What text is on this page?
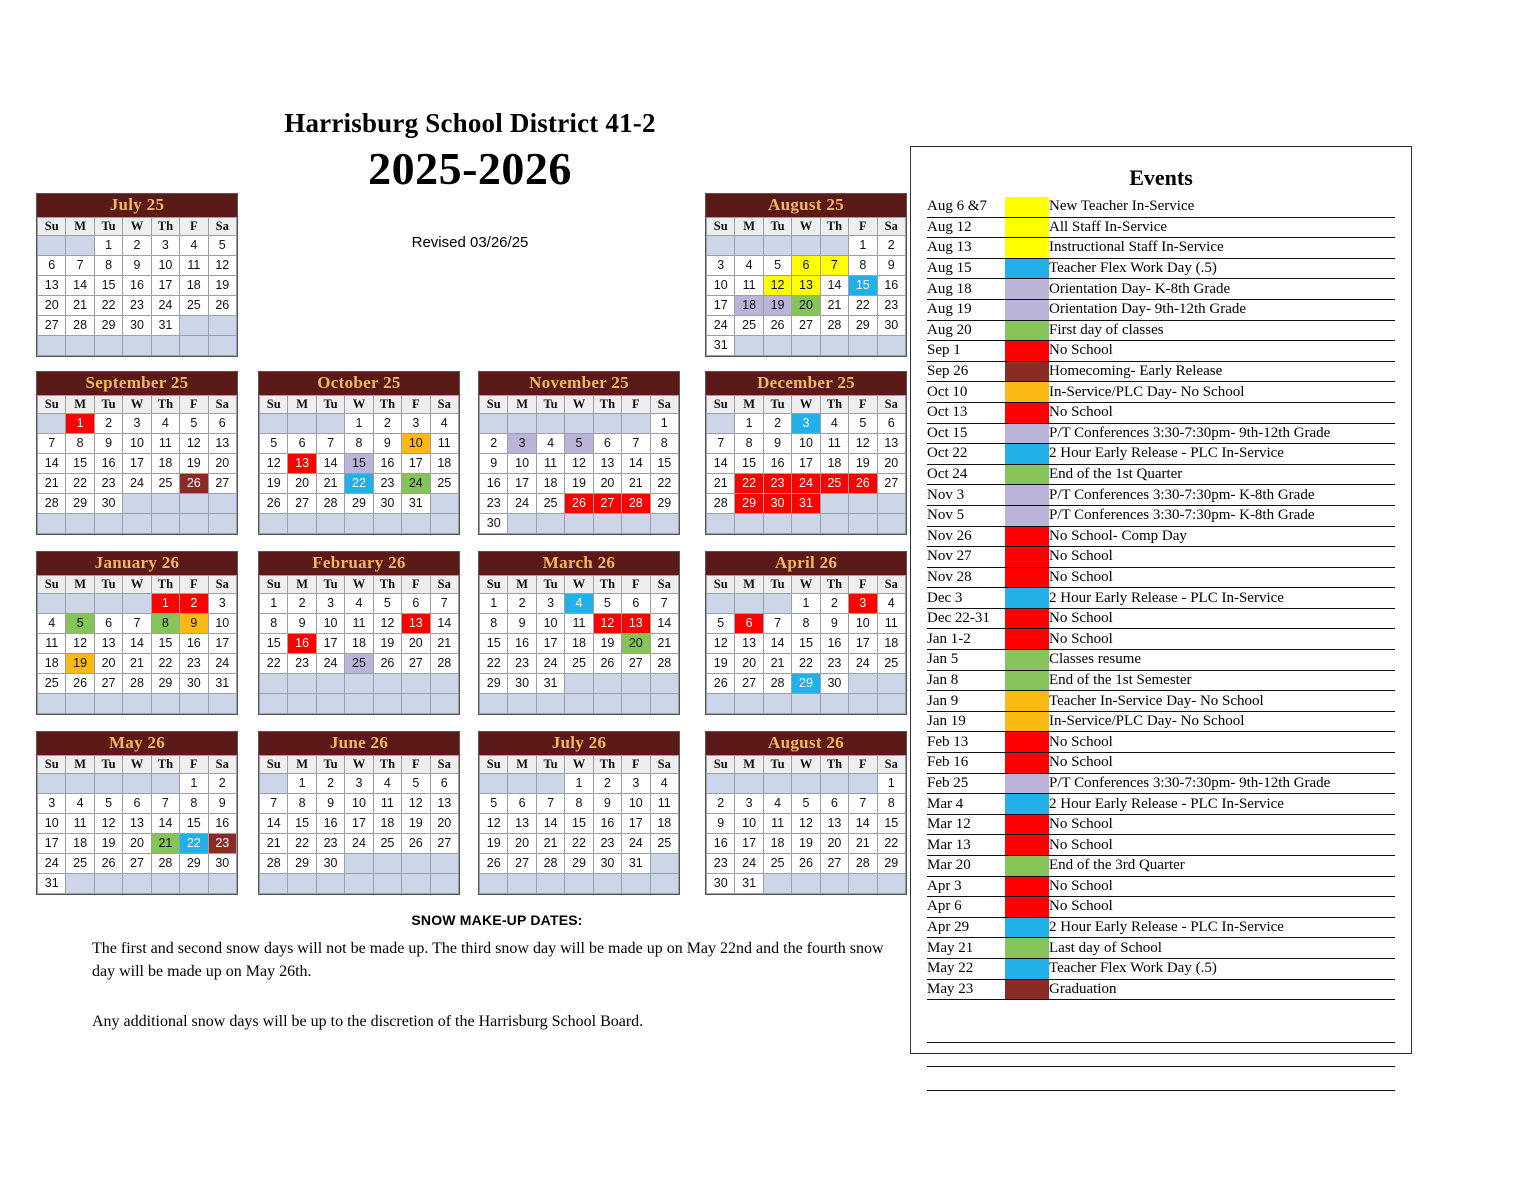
Harrisburg School District 41-2
2025-2026
Revised 03/26/25
July 25
Su	M	Tu	W	Th	F	Sa
		1	2	3	4	5
6	7	8	9	10	11	12
13	14	15	16	17	18	19
20	21	22	23	24	25	26
27	28	29	30	31		

August 25
Su	M	Tu	W	Th	F	Sa
					1	2
3	4	5	6	7	8	9
10	11	12	13	14	15	16
17	18	19	20	21	22	23
24	25	26	27	28	29	30
31						
September 25
Su	M	Tu	W	Th	F	Sa
	1	2	3	4	5	6
7	8	9	10	11	12	13
14	15	16	17	18	19	20
21	22	23	24	25	26	27
28	29	30				

October 25
Su	M	Tu	W	Th	F	Sa
			1	2	3	4
5	6	7	8	9	10	11
12	13	14	15	16	17	18
19	20	21	22	23	24	25
26	27	28	29	30	31	

November 25
Su	M	Tu	W	Th	F	Sa
						1
2	3	4	5	6	7	8
9	10	11	12	13	14	15
16	17	18	19	20	21	22
23	24	25	26	27	28	29
30						
December 25
Su	M	Tu	W	Th	F	Sa
	1	2	3	4	5	6
7	8	9	10	11	12	13
14	15	16	17	18	19	20
21	22	23	24	25	26	27
28	29	30	31			

January 26
Su	M	Tu	W	Th	F	Sa
				1	2	3
4	5	6	7	8	9	10
11	12	13	14	15	16	17
18	19	20	21	22	23	24
25	26	27	28	29	30	31

February 26
Su	M	Tu	W	Th	F	Sa
1	2	3	4	5	6	7
8	9	10	11	12	13	14
15	16	17	18	19	20	21
22	23	24	25	26	27	28

March 26
Su	M	Tu	W	Th	F	Sa
1	2	3	4	5	6	7
8	9	10	11	12	13	14
15	16	17	18	19	20	21
22	23	24	25	26	27	28
29	30	31				

April 26
Su	M	Tu	W	Th	F	Sa
			1	2	3	4
5	6	7	8	9	10	11
12	13	14	15	16	17	18
19	20	21	22	23	24	25
26	27	28	29	30		

May 26
Su	M	Tu	W	Th	F	Sa
					1	2
3	4	5	6	7	8	9
10	11	12	13	14	15	16
17	18	19	20	21	22	23
24	25	26	27	28	29	30
31						
June 26
Su	M	Tu	W	Th	F	Sa
	1	2	3	4	5	6
7	8	9	10	11	12	13
14	15	16	17	18	19	20
21	22	23	24	25	26	27
28	29	30				

July 26
Su	M	Tu	W	Th	F	Sa
			1	2	3	4
5	6	7	8	9	10	11
12	13	14	15	16	17	18
19	20	21	22	23	24	25
26	27	28	29	30	31	

August 26
Su	M	Tu	W	Th	F	Sa
						1
2	3	4	5	6	7	8
9	10	11	12	13	14	15
16	17	18	19	20	21	22
23	24	25	26	27	28	29
30	31					
SNOW MAKE-UP DATES:
The first and second snow days will not be made up. The third snow day will be made up on May 22nd and the fourth snow day will be made up on May 26th.
Any additional snow days will be up to the discretion of the Harrisburg School Board.
Events
Aug 6 &7		New Teacher In-Service
Aug 12		All Staff In-Service
Aug 13		Instructional Staff In-Service
Aug 15		Teacher Flex Work Day (.5)
Aug 18		Orientation Day- K-8th Grade
Aug 19		Orientation Day- 9th-12th Grade
Aug 20		First day of classes
Sep 1		No School
Sep 26		Homecoming- Early Release
Oct 10		In-Service/PLC Day- No School
Oct 13		No School
Oct 15		P/T Conferences 3:30-7:30pm- 9th-12th Grade
Oct 22		2 Hour Early Release - PLC In-Service
Oct 24		End of the 1st Quarter
Nov 3		P/T Conferences 3:30-7:30pm- K-8th Grade
Nov 5		P/T Conferences 3:30-7:30pm- K-8th Grade
Nov 26		No School- Comp Day
Nov 27		No School
Nov 28		No School
Dec 3		2 Hour Early Release - PLC In-Service
Dec 22-31		No School
Jan 1-2		No School
Jan 5		Classes resume
Jan 8		End of the 1st Semester
Jan 9		Teacher In-Service Day- No School
Jan 19		In-Service/PLC Day- No School
Feb 13		No School
Feb 16		No School
Feb 25		P/T Conferences 3:30-7:30pm- 9th-12th Grade
Mar 4		2 Hour Early Release - PLC In-Service
Mar 12		No School
Mar 13		No School
Mar 20		End of the 3rd Quarter
Apr 3		No School
Apr 6		No School
Apr 29		2 Hour Early Release - PLC In-Service
May 21		Last day of School
May 22		Teacher Flex Work Day (.5)
May 23		Graduation
